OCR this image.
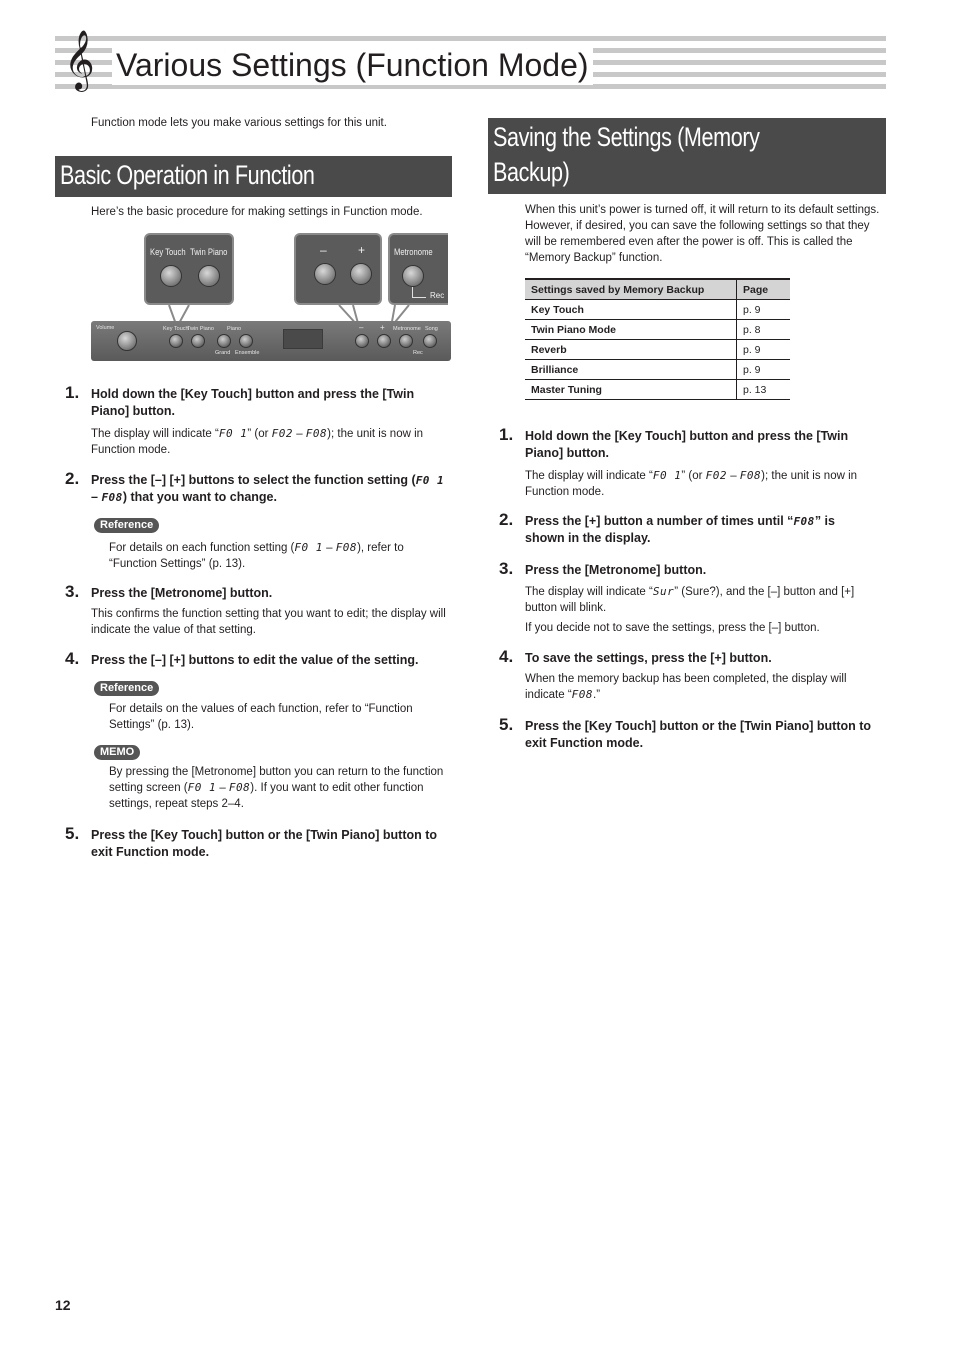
𝄞 Various Settings (Function Mode)
Function mode lets you make various settings for this unit.
Basic Operation in Function Mode
Here’s the basic procedure for making settings in Function mode.
Key Touch Twin Piano	–	+	Metronome
Rec
Volume	Key Touch
Twin Piano Piano
Grand Ensemble
– + Metronome Song
Rec
1. Hold down the [Key Touch] button and press the [Twin Piano] button.
The display will indicate “F0 1” (or F02 – F08); the unit is now in Function mode.
2. Press the [–] [+] buttons to select the function setting (F0 1 – F08) that you want to change.
Reference
For details on each function setting (F0 1 – F08), refer to “Function Settings” (p. 13).
3. Press the [Metronome] button.
This confirms the function setting that you want to edit; the display will indicate the value of that setting.
4. Press the [–] [+] buttons to edit the value of the setting.
Reference
For details on the values of each function, refer to “Function Settings” (p. 13).
MEMO
By pressing the [Metronome] button you can return to the function setting screen (F0 1 – F08). If you want to edit other function settings, repeat steps 2–4.
5. Press the [Key Touch] button or the [Twin Piano] button to exit Function mode.
Saving the Settings (Memory
Backup)
When this unit’s power is turned off, it will return to its default settings. However, if desired, you can save the following settings so that they will be remembered even after the power is off. This is called the “Memory Backup” function.
Settings saved by Memory Backup	Page
Key Touch	p. 9
Twin Piano Mode	p. 8
Reverb	p. 9
Brilliance	p. 9
Master Tuning	p. 13
1. Hold down the [Key Touch] button and press the [Twin Piano] button.
The display will indicate “F0 1” (or F02 – F08); the unit is now in Function mode.
2. Press the [+] button a number of times until “F08” is shown in the display.
3. Press the [Metronome] button.
The display will indicate “Sur” (Sure?), and the [–] button and [+] button will blink.
If you decide not to save the settings, press the [–] button.
4. To save the settings, press the [+] button.
When the memory backup has been completed, the display will indicate “F08.”
5. Press the [Key Touch] button or the [Twin Piano] button to exit Function mode.
12
